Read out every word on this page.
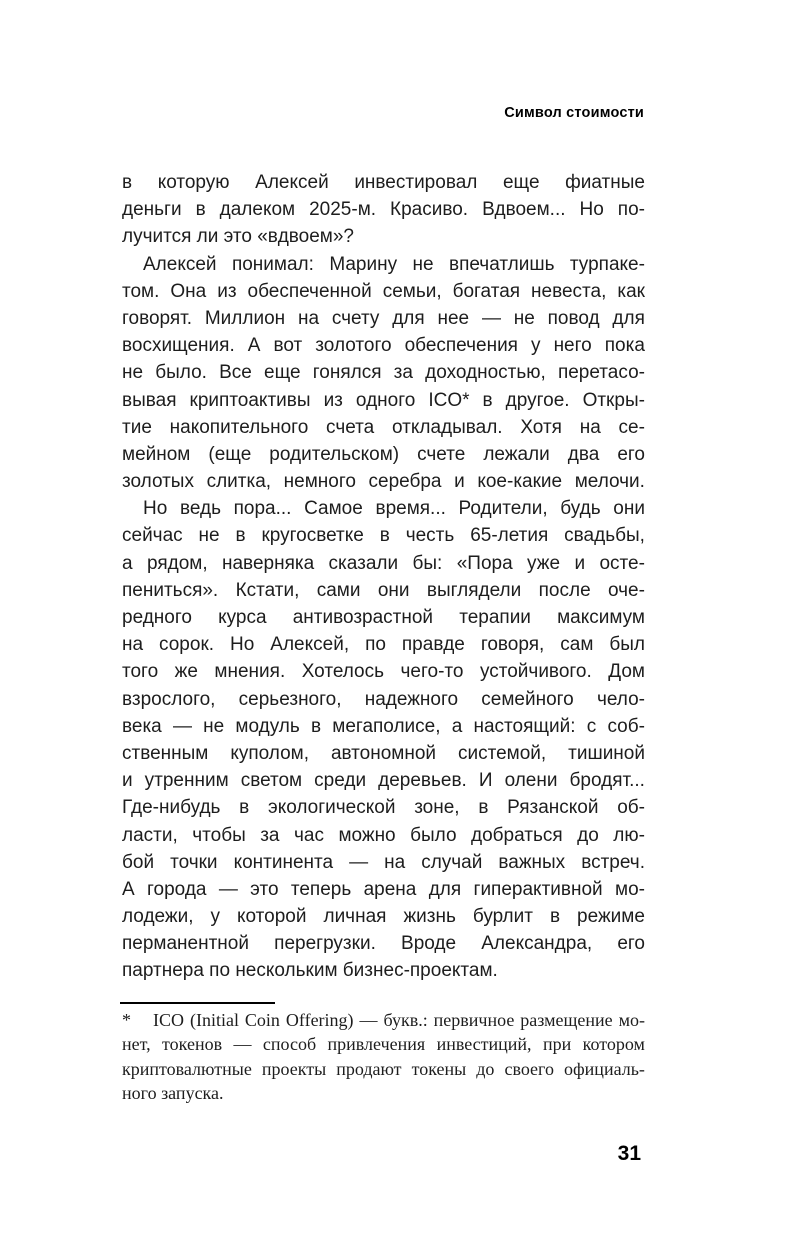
Символ стоимости
в которую Алексей инвестировал еще фиатные
деньги в далеком 2025-м. Красиво. Вдвоем... Но по-
лучится ли это «вдвоем»?
Алексей понимал: Марину не впечатлишь турпаке-
том. Она из обеспеченной семьи, богатая невеста, как
говорят. Миллион на счету для нее — не повод для
восхищения. А вот золотого обеспечения у него пока
не было. Все еще гонялся за доходностью, перетасо-
вывая криптоактивы из одного ICO* в другое. Откры-
тие накопительного счета откладывал. Хотя на се-
мейном (еще родительском) счете лежали два его
золотых слитка, немного серебра и кое-какие мелочи.
Но ведь пора... Самое время... Родители, будь они
сейчас не в кругосветке в честь 65-летия свадьбы,
а рядом, наверняка сказали бы: «Пора уже и осте-
пениться». Кстати, сами они выглядели после оче-
редного курса антивозрастной терапии максимум
на сорок. Но Алексей, по правде говоря, сам был
того же мнения. Хотелось чего-то устойчивого. Дом
взрослого, серьезного, надежного семейного чело-
века — не модуль в мегаполисе, а настоящий: с соб-
ственным куполом, автономной системой, тишиной
и утренним светом среди деревьев. И олени бродят...
Где-нибудь в экологической зоне, в Рязанской об-
ласти, чтобы за час можно было добраться до лю-
бой точки континента — на случай важных встреч.
А города — это теперь арена для гиперактивной мо-
лодежи, у которой личная жизнь бурлит в режиме
перманентной перегрузки. Вроде Александра, его
партнера по нескольким бизнес-проектам.
ICO (Initial Coin Offering) — букв.: первичное размещение мо-
*
нет, токенов — способ привлечения инвестиций, при котором
криптовалютные проекты продают токены до своего официаль-
ного запуска.
31
